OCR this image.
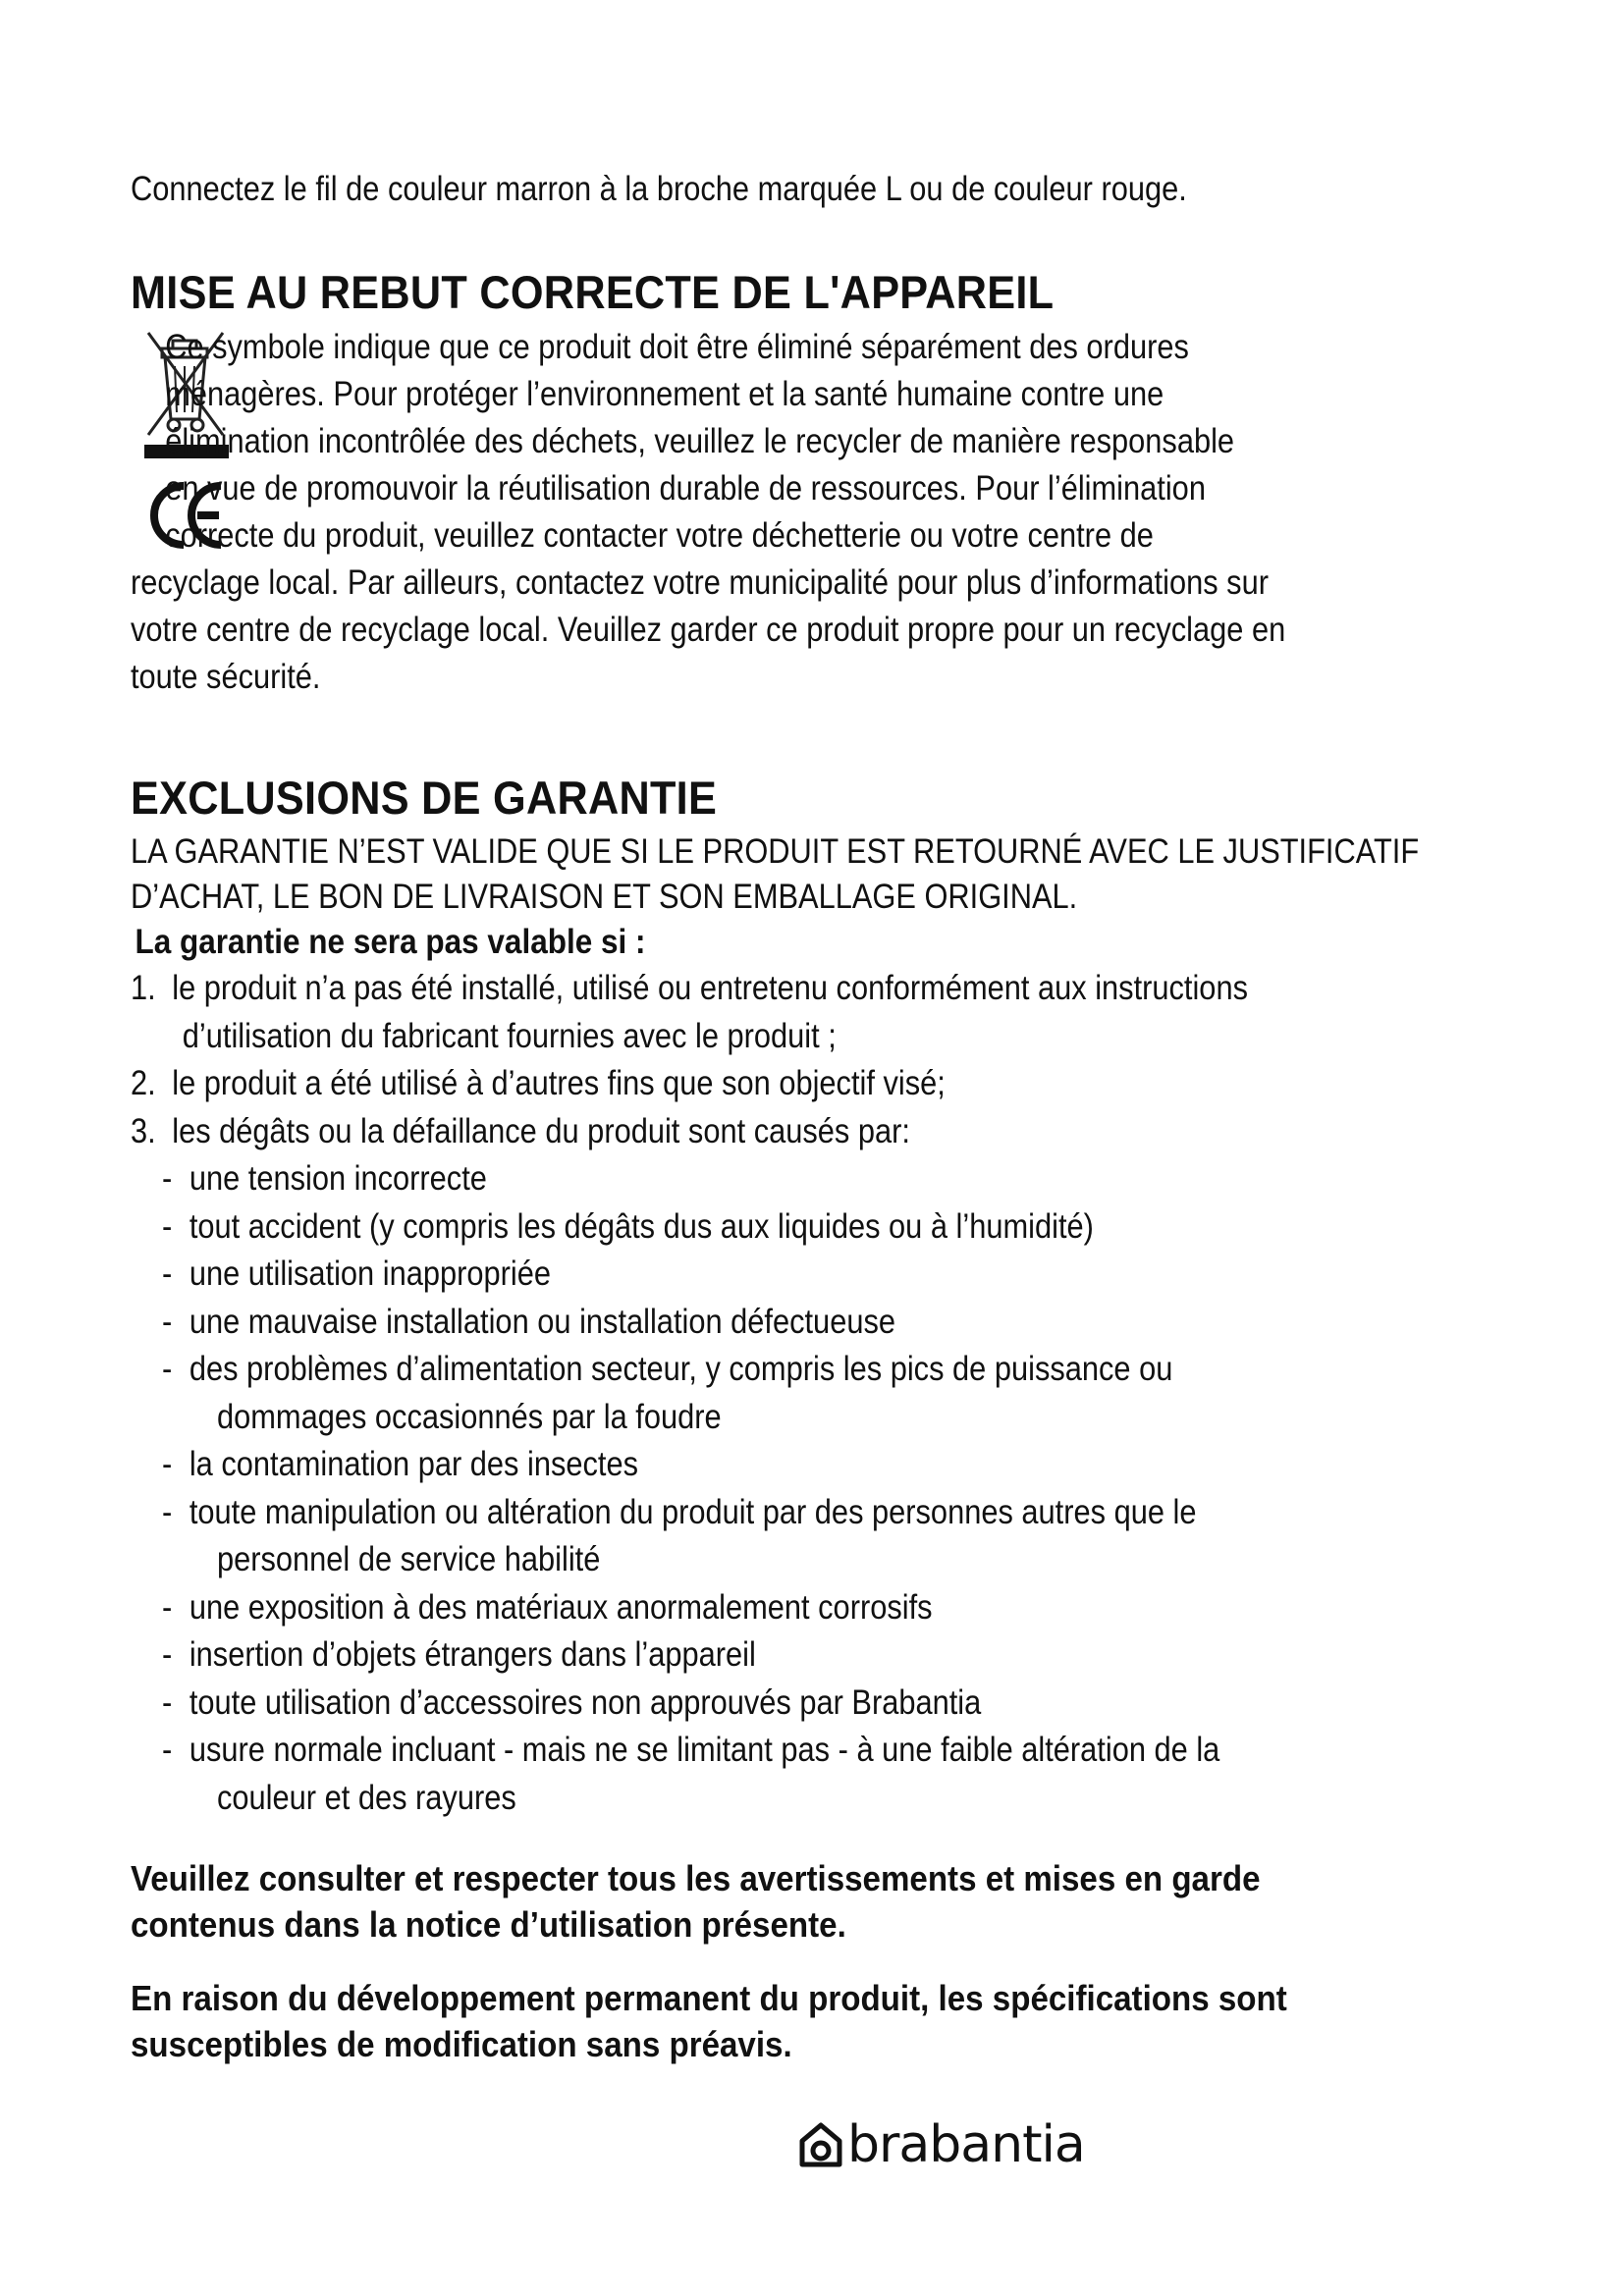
Connectez le fil de couleur marron à la broche marquée L ou de couleur rouge.
MISE AU REBUT CORRECTE DE L'APPAREIL
Ce symbole indique que ce produit doit être éliminé séparément des ordures
ménagères. Pour protéger l’environnement et la santé humaine contre une
élimination incontrôlée des déchets, veuillez le recycler de manière responsable
en vue de promouvoir la réutilisation durable de ressources. Pour l’élimination
correcte du produit, veuillez contacter votre déchetterie ou votre centre de
recyclage local. Par ailleurs, contactez votre municipalité pour plus d’informations sur
votre centre de recyclage local. Veuillez garder ce produit propre pour un recyclage en
toute sécurité.
EXCLUSIONS DE GARANTIE
LA GARANTIE N’EST VALIDE QUE SI LE PRODUIT EST RETOURNÉ AVEC LE JUSTIFICATIF
D’ACHAT, LE BON DE LIVRAISON ET SON EMBALLAGE ORIGINAL.
La garantie ne sera pas valable si :
1. le produit n’a pas été installé, utilisé ou entretenu conformément aux instructions
d’utilisation du fabricant fournies avec le produit ;
2. le produit a été utilisé à d’autres fins que son objectif visé;
3. les dégâts ou la défaillance du produit sont causés par:
- une tension incorrecte
- tout accident (y compris les dégâts dus aux liquides ou à l’humidité)
- une utilisation inappropriée
- une mauvaise installation ou installation défectueuse
- des problèmes d’alimentation secteur, y compris les pics de puissance ou
dommages occasionnés par la foudre
- la contamination par des insectes
- toute manipulation ou altération du produit par des personnes autres que le
personnel de service habilité
- une exposition à des matériaux anormalement corrosifs
- insertion d’objets étrangers dans l’appareil
- toute utilisation d’accessoires non approuvés par Brabantia
- usure normale incluant - mais ne se limitant pas - à une faible altération de la
couleur et des rayures
Veuillez consulter et respecter tous les avertissements et mises en garde
contenus dans la notice d’utilisation présente.
En raison du développement permanent du produit, les spécifications sont
susceptibles de modification sans préavis.
brabantia
